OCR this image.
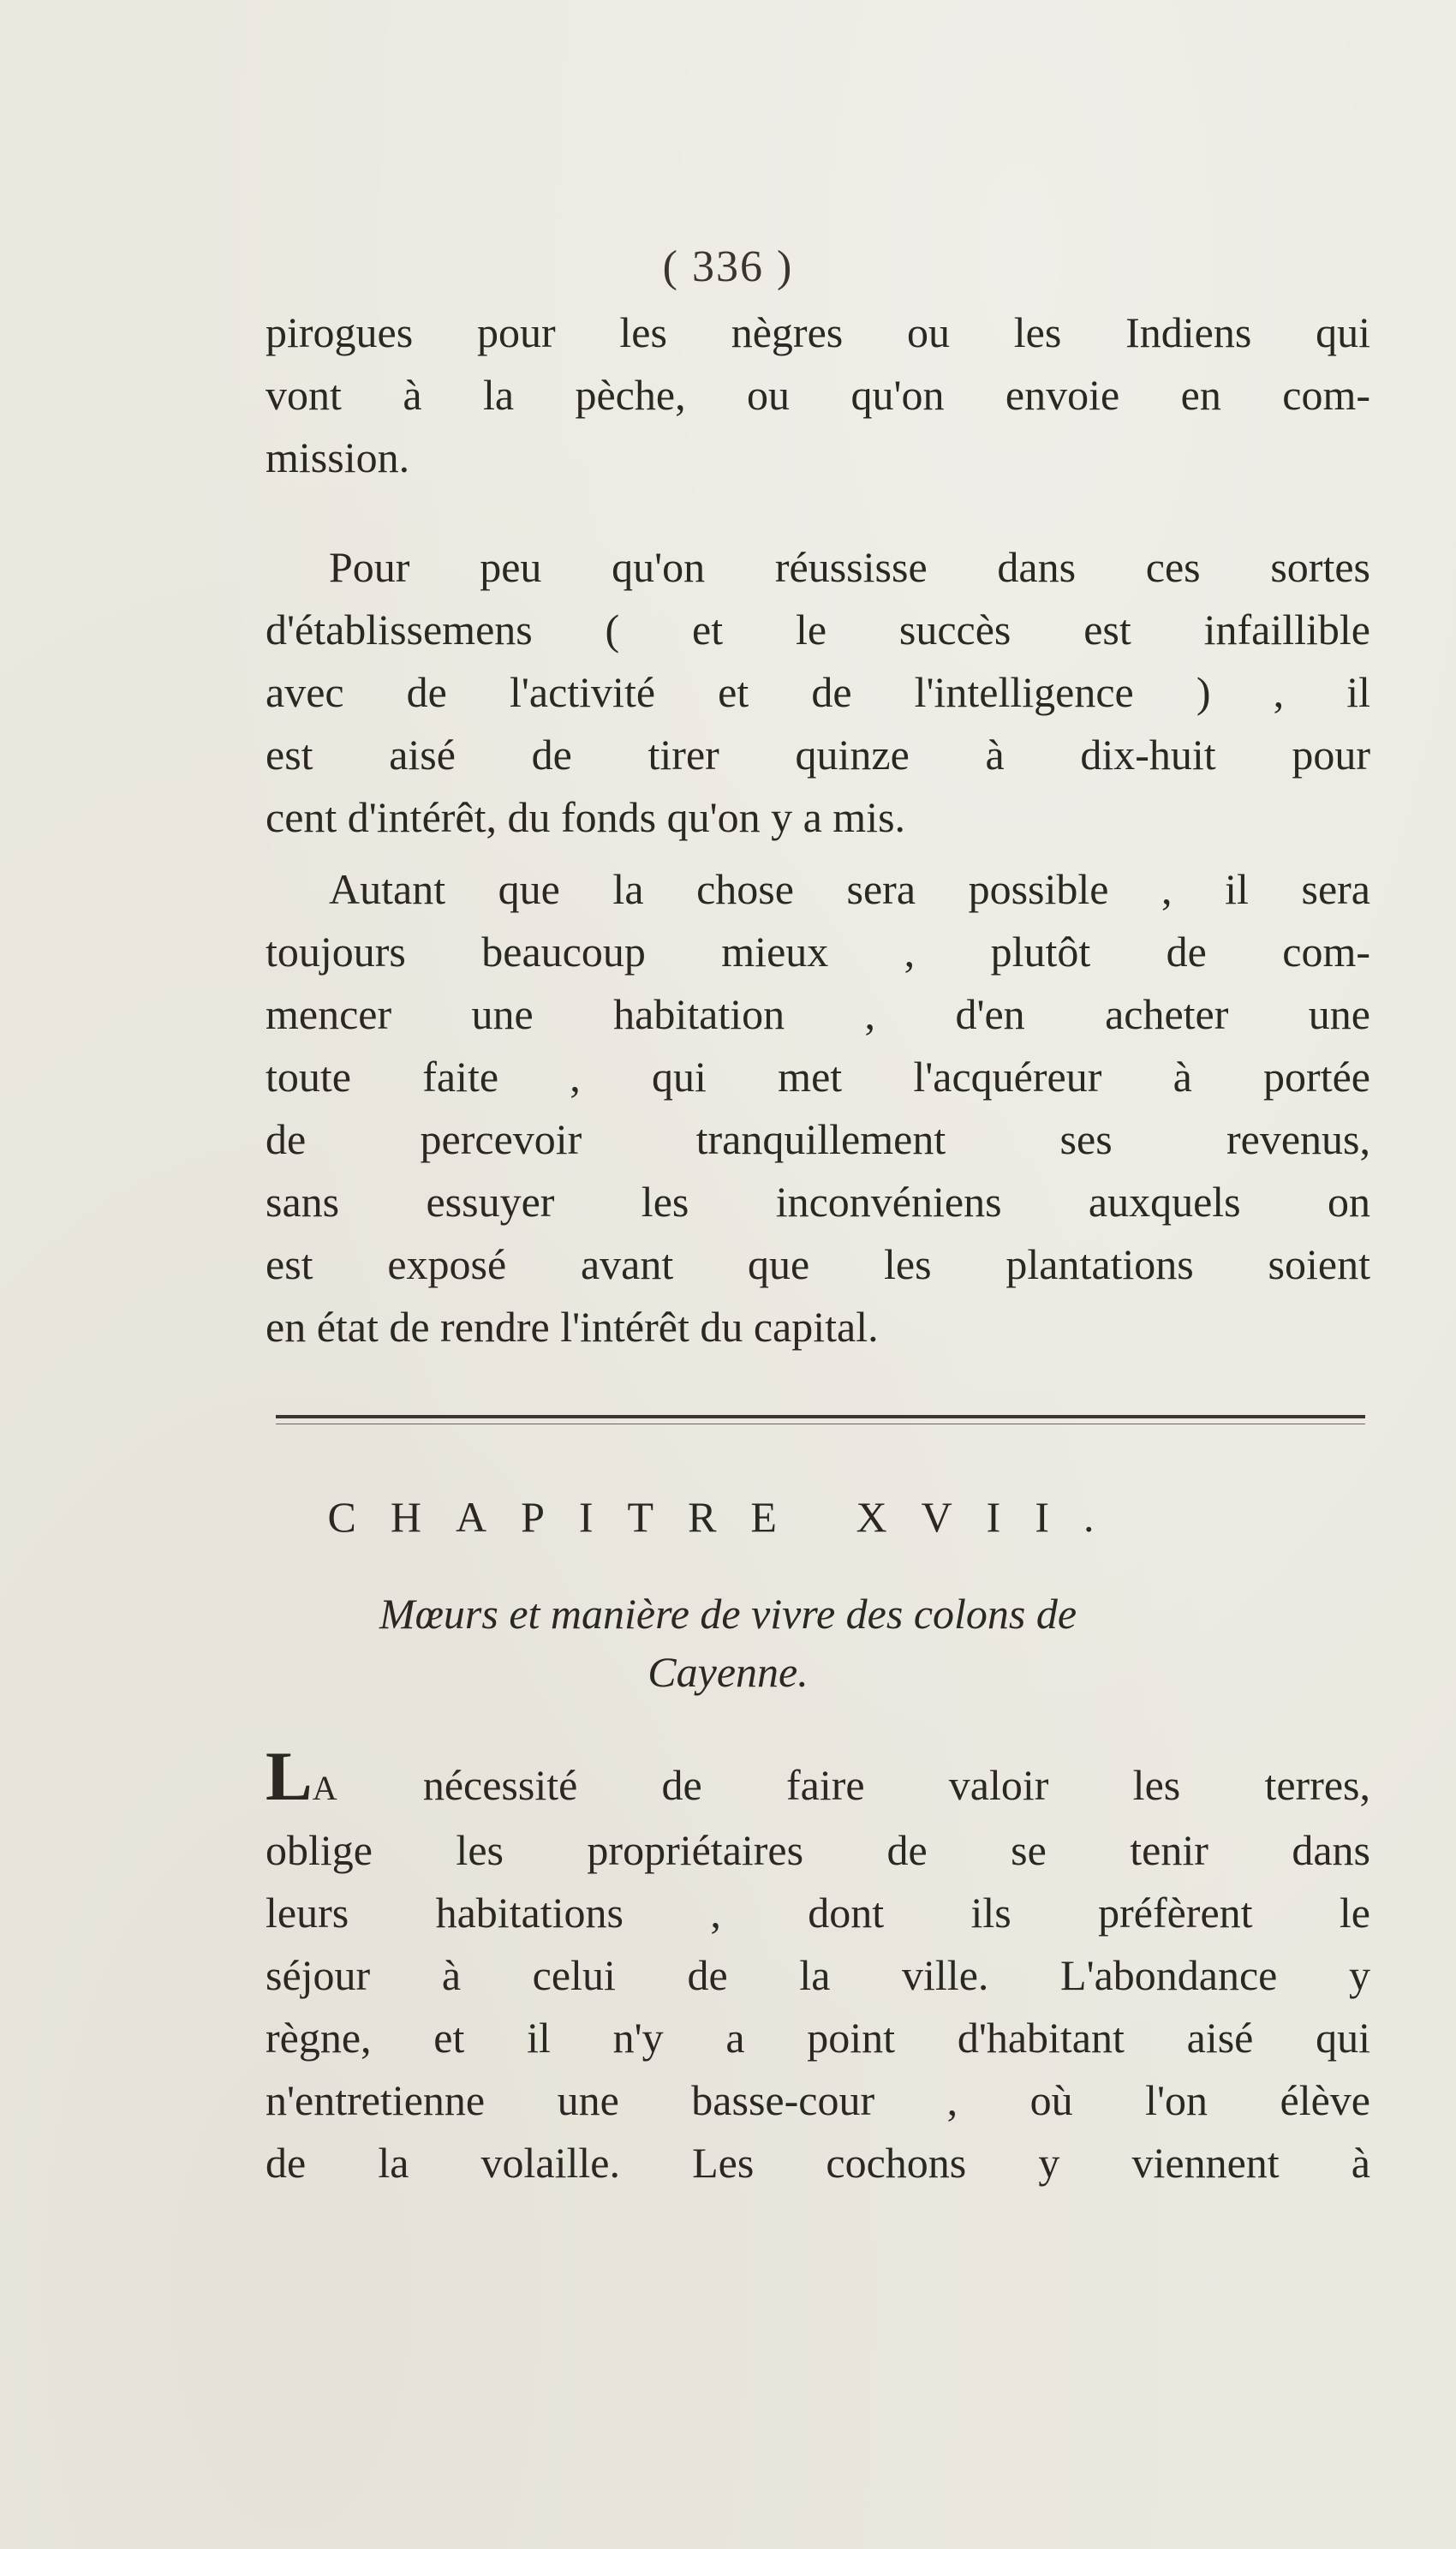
( 336 )
pirogues pour les nègres ou les Indiens qui
vont à la pèche, ou qu'on envoie en com-
mission.
Pour peu qu'on réussisse dans ces sortes
d'établissemens ( et le succès est infaillible
avec de l'activité et de l'intelligence ) , il
est aisé de tirer quinze à dix-huit pour
cent d'intérêt, du fonds qu'on y a mis.
Autant que la chose sera possible , il sera
toujours beaucoup mieux , plutôt de com-
mencer une habitation , d'en acheter une
toute faite , qui met l'acquéreur à portée
de percevoir tranquillement ses revenus,
sans essuyer les inconvéniens auxquels on
est exposé avant que les plantations soient
en état de rendre l'intérêt du capital.
CHAPITRE XVII.
Mœurs et manière de vivre des colons de
Cayenne.
LA nécessité de faire valoir les terres,
oblige les propriétaires de se tenir dans
leurs habitations , dont ils préfèrent le
séjour à celui de la ville. L'abondance y
règne, et il n'y a point d'habitant aisé qui
n'entretienne une basse-cour , où l'on élève
de la volaille. Les cochons y viennent à
